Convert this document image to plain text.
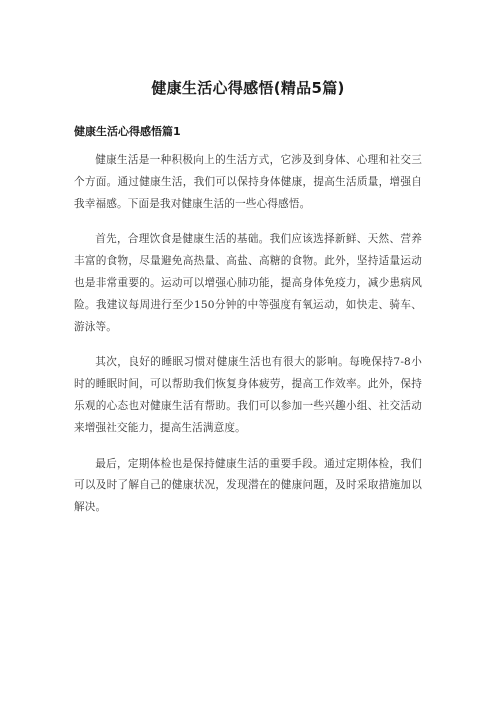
健康生活心得感悟(精品5篇)
健康生活心得感悟篇1

健康生活是一种积极向上的生活方式，它涉及到身体、心理和社交三个方面。通过健康生活，我们可以保持身体健康，提高生活质量，增强自我幸福感。下面是我对健康生活的一些心得感悟。

首先，合理饮食是健康生活的基础。我们应该选择新鲜、天然、营养丰富的食物，尽量避免高热量、高盐、高糖的食物。此外，坚持适量运动也是非常重要的。运动可以增强心肺功能，提高身体免疫力，减少患病风险。我建议每周进行至少150分钟的中等强度有氧运动，如快走、骑车、游泳等。

其次，良好的睡眠习惯对健康生活也有很大的影响。每晚保持7-8小时的睡眠时间，可以帮助我们恢复身体疲劳，提高工作效率。此外，保持乐观的心态也对健康生活有帮助。我们可以参加一些兴趣小组、社交活动来增强社交能力，提高生活满意度。

最后，定期体检也是保持健康生活的重要手段。通过定期体检，我们可以及时了解自己的健康状况，发现潜在的健康问题，及时采取措施加以解决。
